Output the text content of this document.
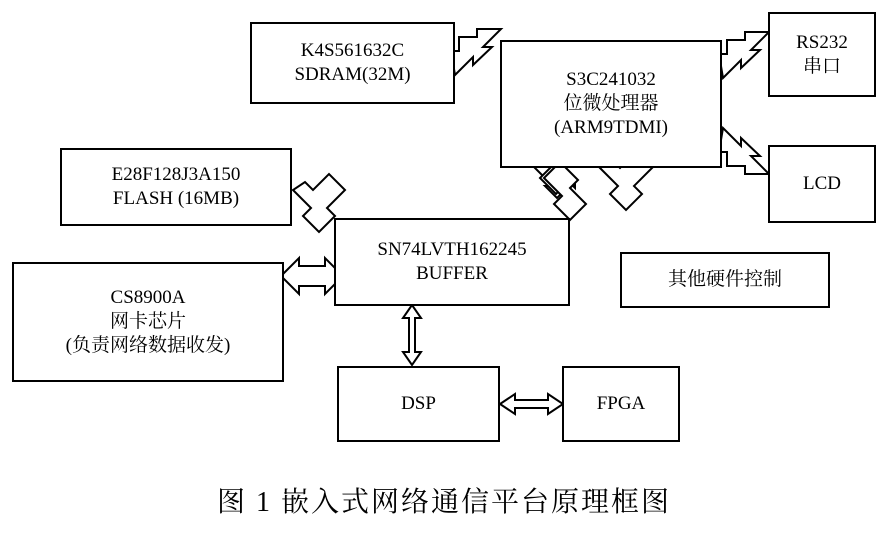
K4S561632C
SDRAM(32M)	S3C241032
位微处理器
(ARM9TDMI)
RS232
串口
LCD
E28F128J3A150
FLASH (16MB)
SN74LVTH162245
BUFFER	其他硬件控制
CS8900A
网卡芯片
(负责网络数据收发)
DSP	FPGA
图 1 嵌入式网络通信平台原理框图
